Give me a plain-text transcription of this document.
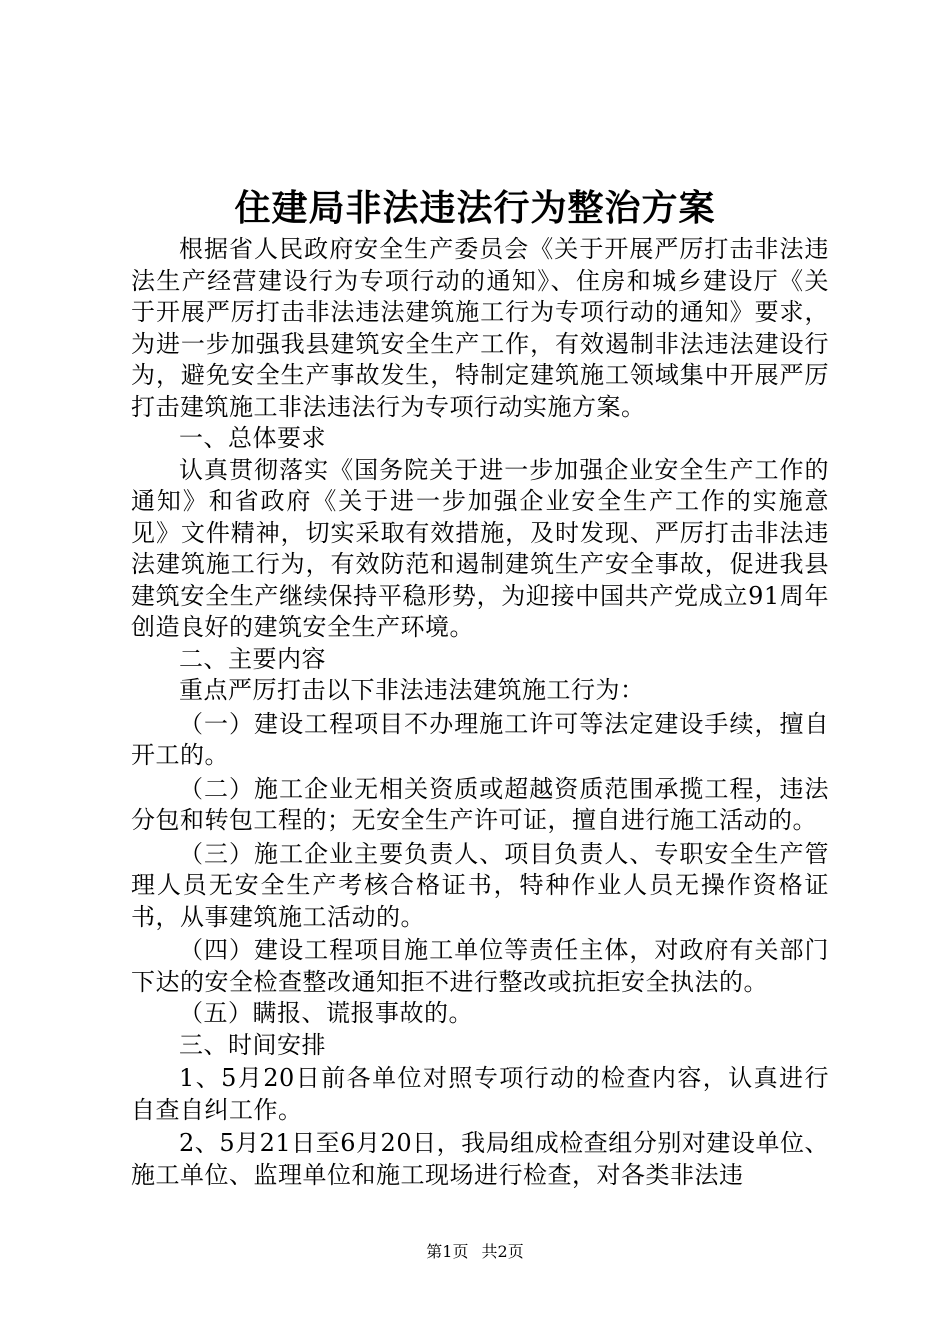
住建局非法违法行为整治方案

根据省人民政府安全生产委员会《关于开展严厉打击非法违法生产经营建设行为专项行动的通知》、住房和城乡建设厅《关于开展严厉打击非法违法建筑施工行为专项行动的通知》要求，为进一步加强我县建筑安全生产工作，有效遏制非法违法建设行为，避免安全生产事故发生，特制定建筑施工领域集中开展严厉打击建筑施工非法违法行为专项行动实施方案。

一、总体要求

认真贯彻落实《国务院关于进一步加强企业安全生产工作的通知》和省政府《关于进一步加强企业安全生产工作的实施意见》文件精神，切实采取有效措施，及时发现、严厉打击非法违法建筑施工行为，有效防范和遏制建筑生产安全事故，促进我县建筑安全生产继续保持平稳形势，为迎接中国共产党成立91周年创造良好的建筑安全生产环境。

二、主要内容

重点严厉打击以下非法违法建筑施工行为：

（一）建设工程项目不办理施工许可等法定建设手续，擅自开工的。

（二）施工企业无相关资质或超越资质范围承揽工程，违法分包和转包工程的；无安全生产许可证，擅自进行施工活动的。

（三）施工企业主要负责人、项目负责人、专职安全生产管理人员无安全生产考核合格证书，特种作业人员无操作资格证书，从事建筑施工活动的。

（四）建设工程项目施工单位等责任主体，对政府有关部门下达的安全检查整改通知拒不进行整改或抗拒安全执法的。

（五）瞒报、谎报事故的。

三、时间安排

1、5月20日前各单位对照专项行动的检查内容，认真进行自查自纠工作。

2、5月21日至6月20日，我局组成检查组分别对建设单位、施工单位、监理单位和施工现场进行检查，对各类非法违

第1页 共2页
